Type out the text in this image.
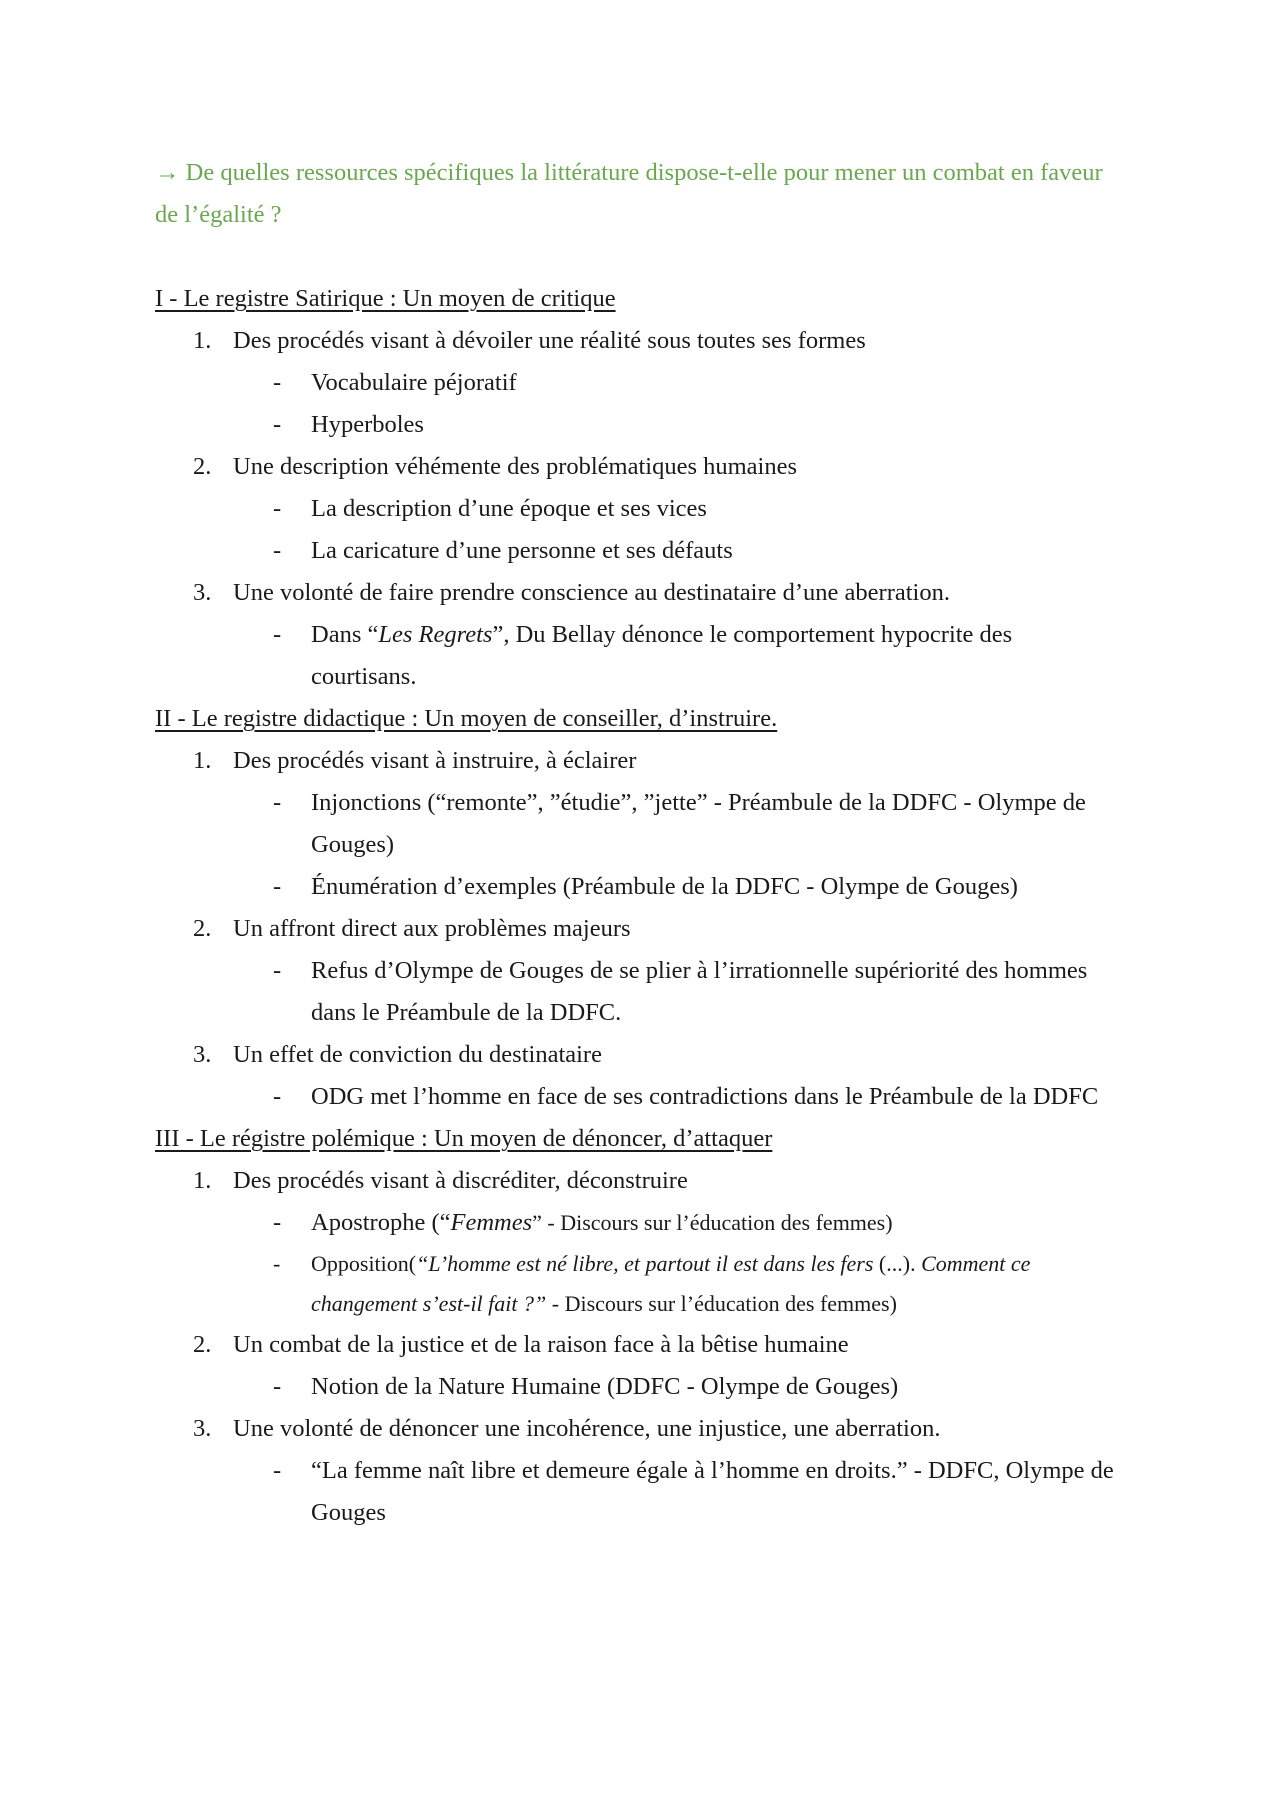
→ De quelles ressources spécifiques la littérature dispose-t-elle pour mener un combat en faveur de l’égalité ?

I - Le registre Satirique : Un moyen de critique

1. Des procédés visant à dévoiler une réalité sous toutes ses formes
- Vocabulaire péjoratif
- Hyperboles
2. Une description véhémente des problématiques humaines
- La description d’une époque et ses vices
- La caricature d’une personne et ses défauts
3. Une volonté de faire prendre conscience au destinataire d’une aberration.
- Dans “Les Regrets”, Du Bellay dénonce le comportement hypocrite des courtisans.

II - Le registre didactique : Un moyen de conseiller, d’instruire.

1. Des procédés visant à instruire, à éclairer
- Injonctions (“remonte”, ”étudie”, ”jette” - Préambule de la DDFC - Olympe de Gouges)
- Énumération d’exemples (Préambule de la DDFC - Olympe de Gouges)
2. Un affront direct aux problèmes majeurs
- Refus d’Olympe de Gouges de se plier à l’irrationnelle supériorité des hommes dans le Préambule de la DDFC.
3. Un effet de conviction du destinataire
- ODG met l’homme en face de ses contradictions dans le Préambule de la DDFC

III - Le régistre polémique : Un moyen de dénoncer, d’attaquer

1. Des procédés visant à discréditer, déconstruire
- Apostrophe (“Femmes” - Discours sur l’éducation des femmes)
- Opposition(“L’homme est né libre, et partout il est dans les fers (...). Comment ce changement s’est-il fait ?” - Discours sur l’éducation des femmes)
2. Un combat de la justice et de la raison face à la bêtise humaine
- Notion de la Nature Humaine (DDFC - Olympe de Gouges)
3. Une volonté de dénoncer une incohérence, une injustice, une aberration.
- “La femme naît libre et demeure égale à l’homme en droits.” - DDFC, Olympe de Gouges
